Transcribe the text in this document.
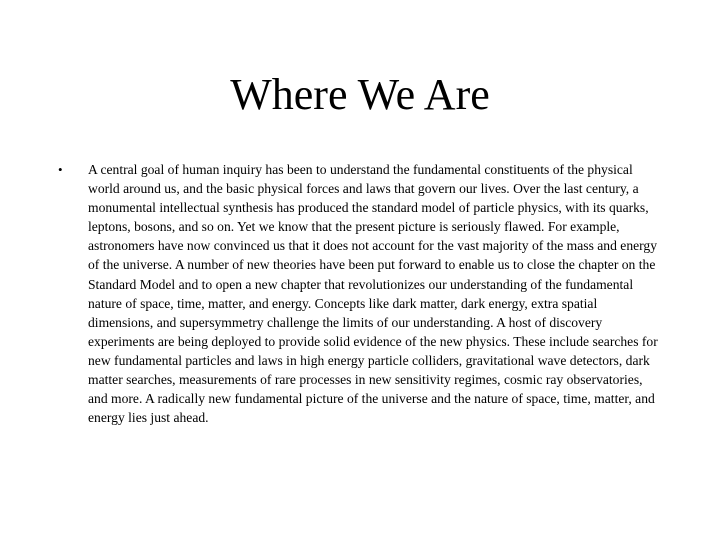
Where We Are
• A central goal of human inquiry has been to understand the fundamental constituents of the physical world around us, and the basic physical forces and laws that govern our lives. Over the last century, a monumental intellectual synthesis has produced the standard model of particle physics, with its quarks, leptons, bosons, and so on. Yet we know that the present picture is seriously flawed. For example, astronomers have now convinced us that it does not account for the vast majority of the mass and energy of the universe. A number of new theories have been put forward to enable us to close the chapter on the Standard Model and to open a new chapter that revolutionizes our understanding of the fundamental nature of space, time, matter, and energy. Concepts like dark matter, dark energy, extra spatial dimensions, and supersymmetry challenge the limits of our understanding. A host of discovery experiments are being deployed to provide solid evidence of the new physics. These include searches for new fundamental particles and laws in high energy particle colliders, gravitational wave detectors, dark matter searches, measurements of rare processes in new sensitivity regimes, cosmic ray observatories, and more. A radically new fundamental picture of the universe and the nature of space, time, matter, and energy lies just ahead.
